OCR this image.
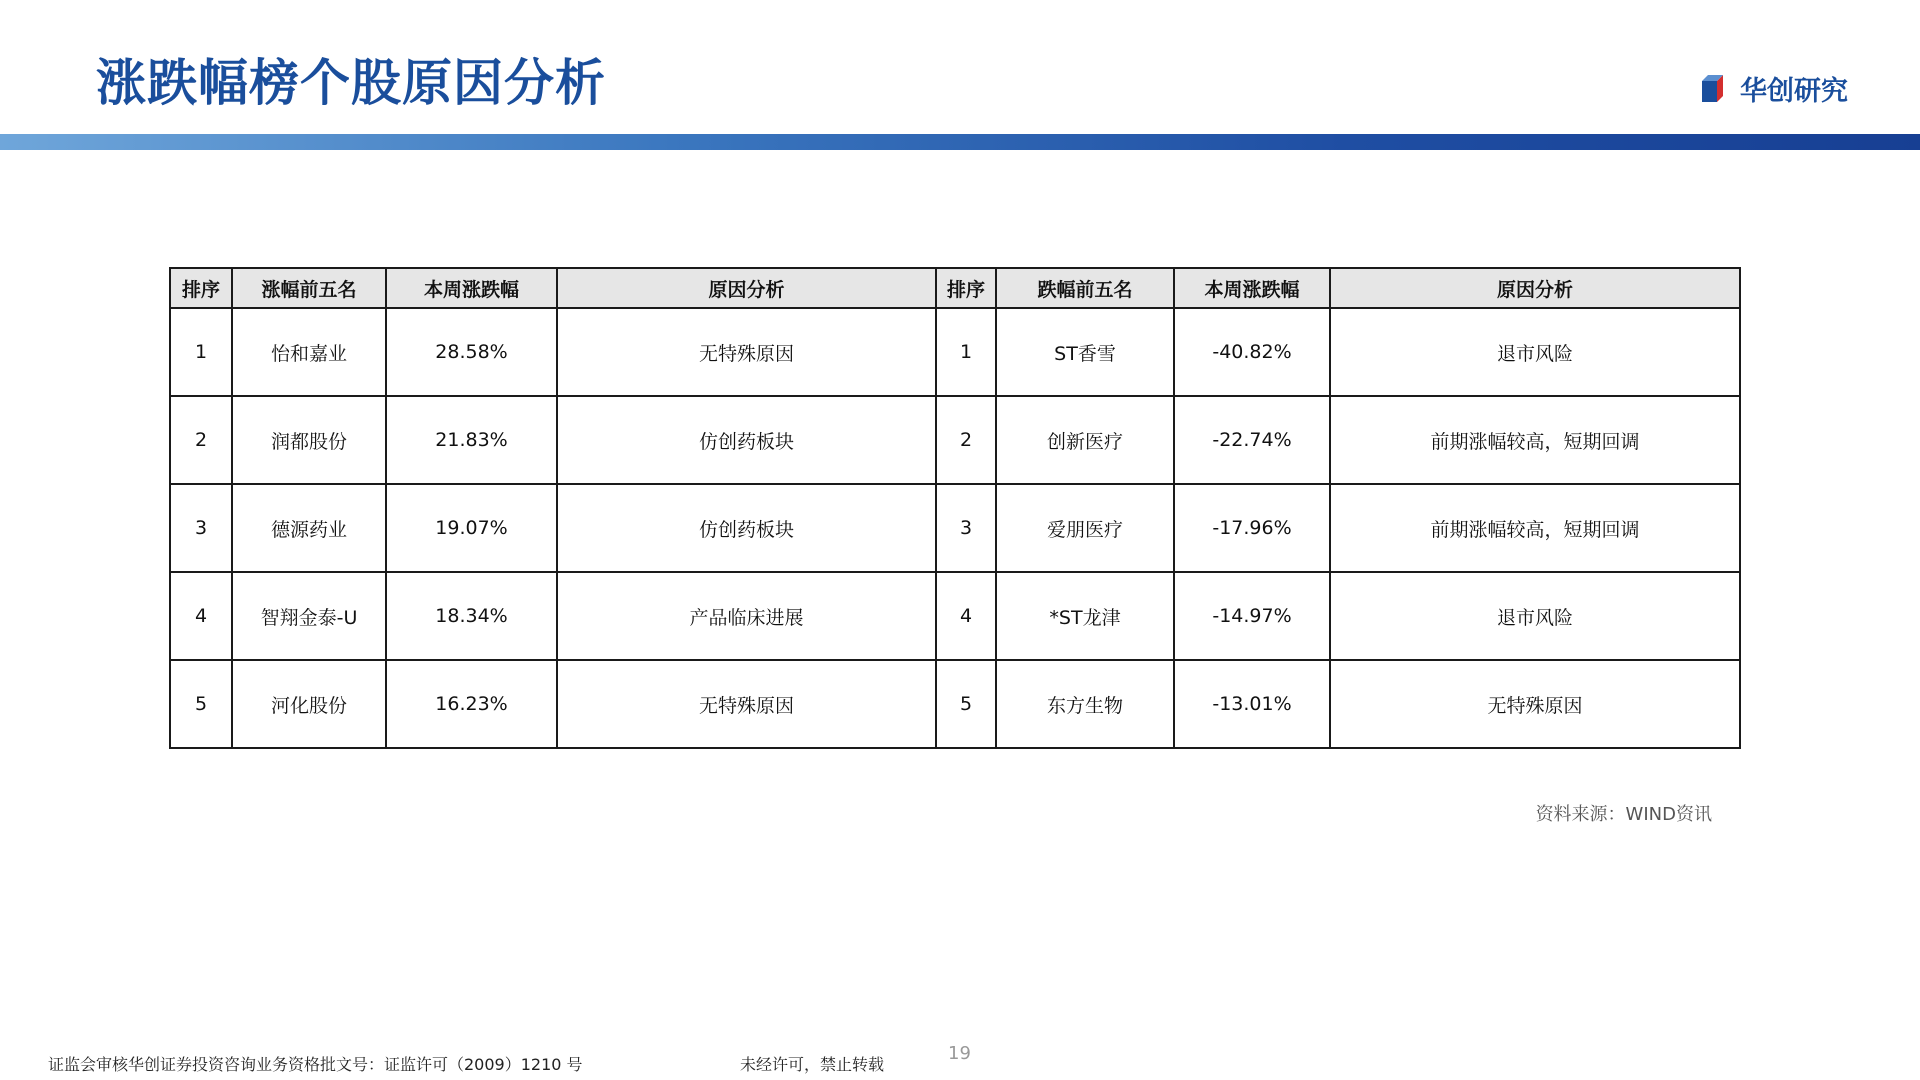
涨跌幅榜个股原因分析	华创研究
排序	涨幅前五名	本周涨跌幅	原因分析	排序	跌幅前五名	本周涨跌幅	原因分析
1	怡和嘉业	28.58%	无特殊原因	1	ST香雪	-40.82%	退市风险
2	润都股份	21.83%	仿创药板块	2	创新医疗	-22.74%	前期涨幅较高，短期回调
3	德源药业	19.07%	仿创药板块	3	爱朋医疗	-17.96%	前期涨幅较高，短期回调
4	智翔金泰-U	18.34%	产品临床进展	4	*ST龙津	-14.97%	退市风险
5	河化股份	16.23%	无特殊原因	5	东方生物	-13.01%	无特殊原因
资料来源：WIND资讯
证监会审核华创证券投资咨询业务资格批文号：证监许可（2009）1210 号
19
未经许可，禁止转载
